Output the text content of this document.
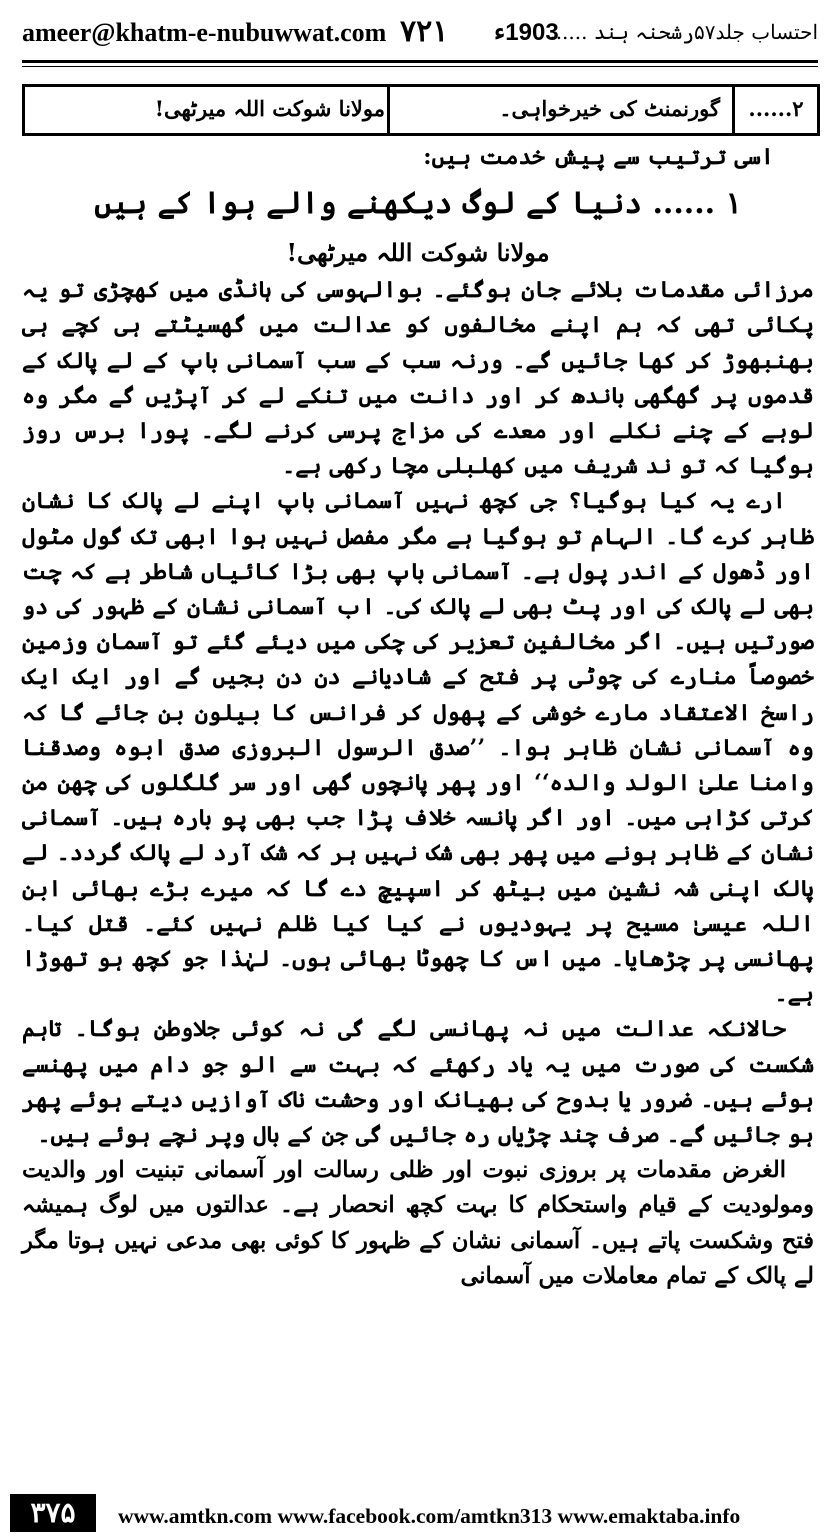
ameer@khatm-e-nubuwwat.com ۷۲۱ 1903ء
احتساب جلد۵۷رشحنہ ہند ......
۲......
گورنمنٹ کی خیرخواہی۔
مولانا شوکت اللہ میرٹھی!

اسی ترتیب سے پیش خدمت ہیں:

۱ ...... دنیا کے لوگ دیکھنے والے ہوا کے ہیں

مولانا شوکت اللہ میرٹھی!

مرزائی مقدمات بلائے جان ہوگئے۔ بوالہوسی کی ہانڈی میں کھچڑی تو یہ پکائی تھی کہ ہم اپنے مخالفوں کو عدالت میں گھسیٹتے ہی کچے ہی بھنبھوڑ کر کھا جائیں گے۔ ورنہ سب کے سب آسمانی باپ کے لے پالک کے قدموں پر گھگھی باندھ کر اور دانت میں تنکے لے کر آپڑیں گے مگر وہ لوہے کے چنے نکلے اور معدے کی مزاج پرسی کرنے لگے۔ پورا برس روز ہوگیا کہ تو ند شریف میں کھلبلی مچا رکھی ہے۔

ارے یہ کیا ہوگیا؟ جی کچھ نہیں آسمانی باپ اپنے لے پالک کا نشان ظاہر کرے گا۔ الہام تو ہوگیا ہے مگر مفصل نہیں ہوا ابھی تک گول مٹول اور ڈھول کے اندر پول ہے۔ آسمانی باپ بھی بڑا کائیاں شاطر ہے کہ چت بھی لے پالک کی اور پٹ بھی لے پالک کی۔ اب آسمانی نشان کے ظہور کی دو صورتیں ہیں۔ اگر مخالفین تعزیر کی چکی میں دیئے گئے تو آسمان وزمین خصوصاً منارے کی چوٹی پر فتح کے شادیانے دن دن بجیں گے اور ایک ایک راسخ الاعتقاد مارے خوشی کے پھول کر فرانس کا بیلون بن جائے گا کہ وہ آسمانی نشان ظاہر ہوا۔ ’’صدق الرسول البروزی صدق ابوہ وصدقنا وامنا علیٰ الولد والدہ‘‘ اور پھر پانچوں گھی اور سر گلگلوں کی چھن من کرتی کڑاہی میں۔ اور اگر پانسہ خلاف پڑا جب بھی پو بارہ ہیں۔ آسمانی نشان کے ظاہر ہونے میں پھر بھی شک نہیں ہر کہ شک آرد لے پالک گردد۔ لے پالک اپنی شہ نشین میں بیٹھ کر اسپیچ دے گا کہ میرے بڑے بھائی ابن اللہ عیسیٰ مسیح پر یہودیوں نے کیا کیا ظلم نہیں کئے۔ قتل کیا۔ پھانسی پر چڑھایا۔ میں اس کا چھوٹا بھائی ہوں۔ لہٰذا جو کچھ ہو تھوڑا ہے۔

حالانکہ عدالت میں نہ پھانسی لگے گی نہ کوئی جلاوطن ہوگا۔ تاہم شکست کی صورت میں یہ یاد رکھئے کہ بہت سے الو جو دام میں پھنسے ہوئے ہیں۔ ضرور یا بدوح کی بھیانک اور وحشت ناک آوازیں دیتے ہوئے پھر ہو جائیں گے۔ صرف چند چڑیاں رہ جائیں گی جن کے بال وپر نچے ہوئے ہیں۔

الغرض مقدمات پر بروزی نبوت اور ظلی رسالت اور آسمانی تبنیت اور والدیت ومولودیت کے قیام واستحکام کا بہت کچھ انحصار ہے۔ عدالتوں میں لوگ ہمیشہ فتح وشکست پاتے ہیں۔ آسمانی نشان کے ظہور کا کوئی بھی مدعی نہیں ہوتا مگر لے پالک کے تمام معاملات میں آسمانی

۳۷۵	www.amtkn.com www.facebook.com/amtkn313 www.emaktaba.info
